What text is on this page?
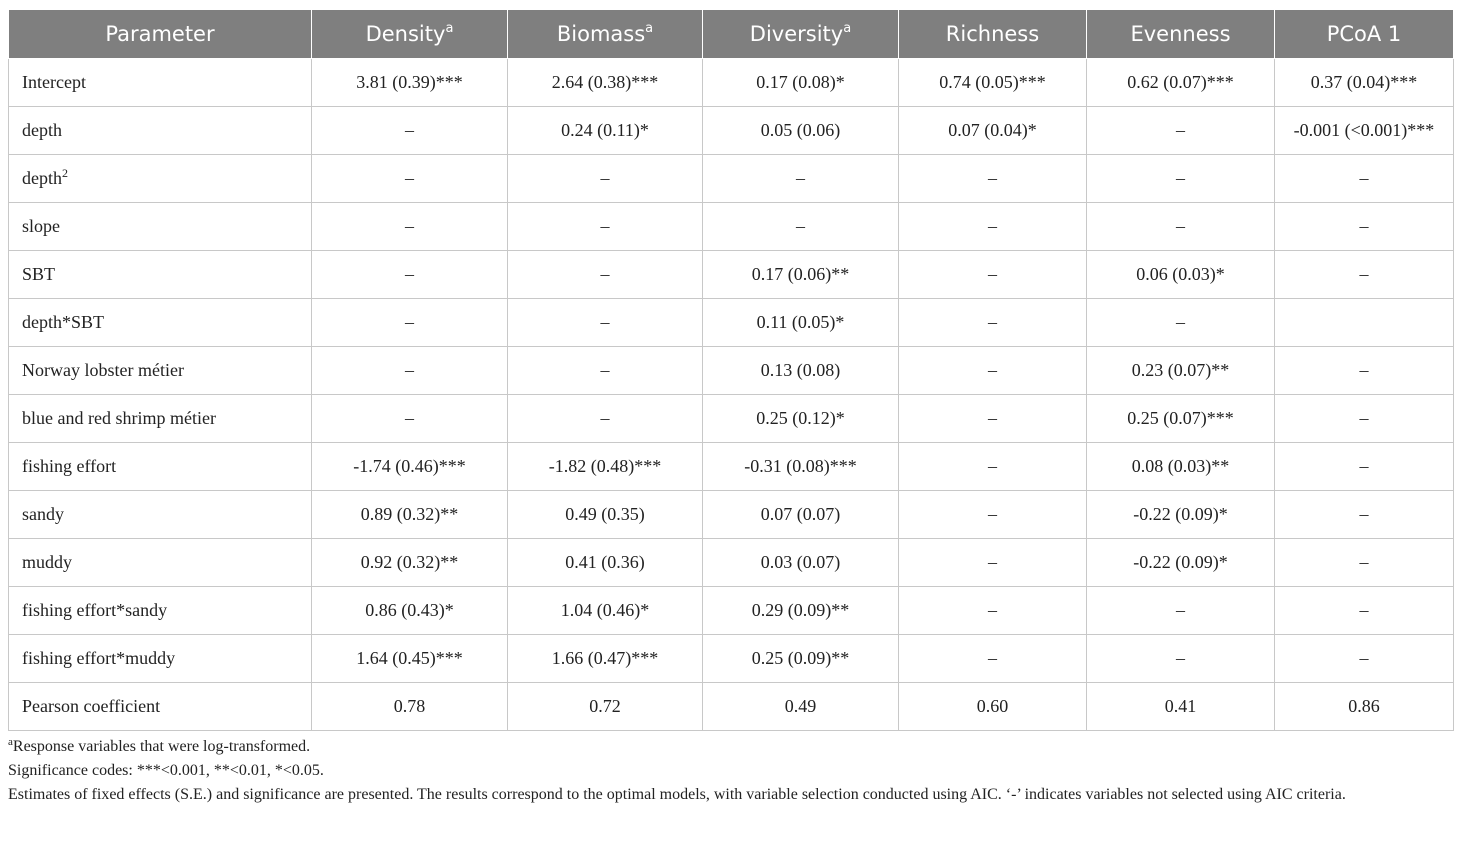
Parameter	Density$^a$	Biomass$^a$	Diversity$^a$	Richness	Evenness	PCoA 1
Intercept	3.81 (0.39)***	2.64 (0.38)***	0.17 (0.08)*	0.74 (0.05)***	0.62 (0.07)***	0.37 (0.04)***
depth	–	0.24 (0.11)*	0.05 (0.06)	0.07 (0.04)*	–	-0.001 (<0.001)***
depth$^2$	–	–	–	–	–	–
slope	–	–	–	–	–	–
SBT	–	–	0.17 (0.06)**	–	0.06 (0.03)*	–
depth*SBT	–	–	0.11 (0.05)*	–	–	
Norway lobster métier	–	–	0.13 (0.08)	–	0.23 (0.07)**	–
blue and red shrimp métier	–	–	0.25 (0.12)*	–	0.25 (0.07)***	–
fishing effort	-1.74 (0.46)***	-1.82 (0.48)***	-0.31 (0.08)***	–	0.08 (0.03)**	–
sandy	0.89 (0.32)**	0.49 (0.35)	0.07 (0.07)	–	-0.22 (0.09)*	–
muddy	0.92 (0.32)**	0.41 (0.36)	0.03 (0.07)	–	-0.22 (0.09)*	–
fishing effort*sandy	0.86 (0.43)*	1.04 (0.46)*	0.29 (0.09)**	–	–	–
fishing effort*muddy	1.64 (0.45)***	1.66 (0.47)***	0.25 (0.09)**	–	–	–
Pearson coefficient	0.78	0.72	0.49	0.60	0.41	0.86

$^a$Response variables that were log-transformed.

Significance codes: ***<0.001, **<0.01, *<0.05.

Estimates of fixed effects (S.E.) and significance are presented. The results correspond to the optimal models, with variable selection conducted using AIC. ‘-’ indicates variables not selected using AIC criteria.
